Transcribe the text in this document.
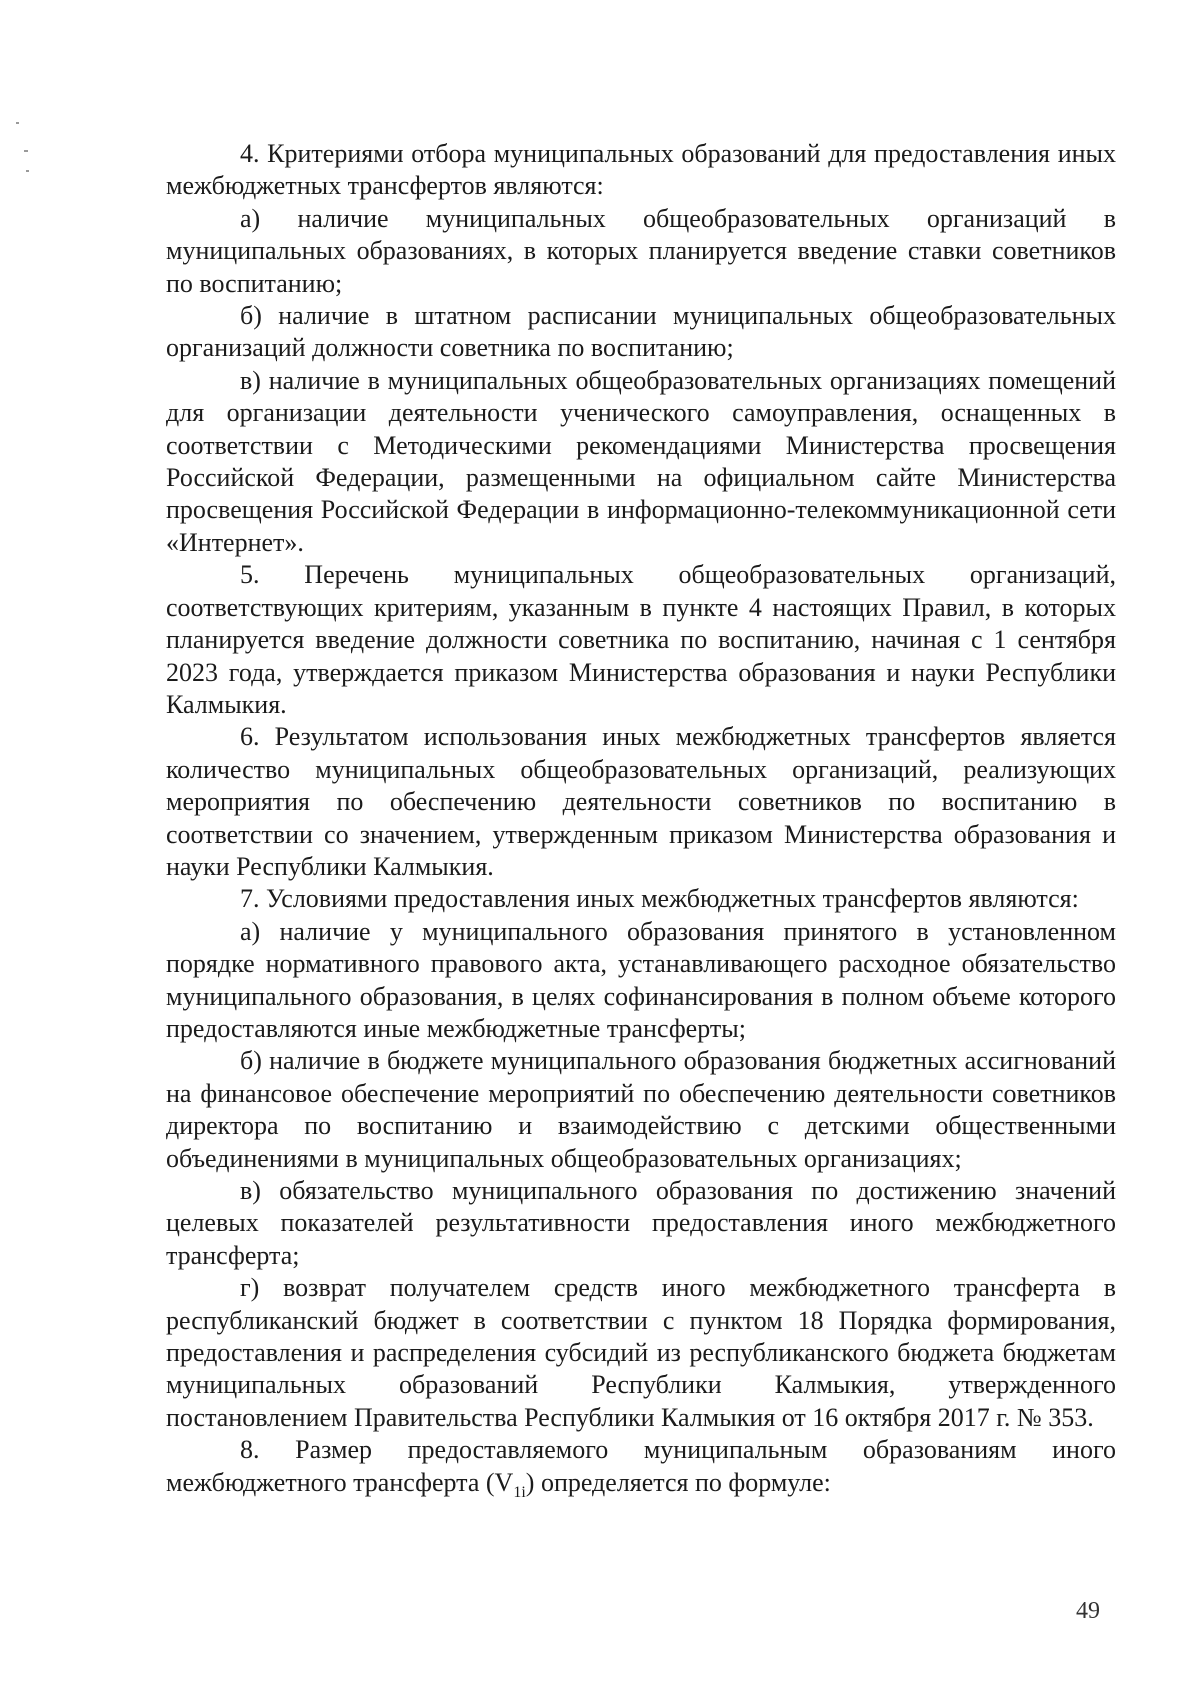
4. Критериями отбора муниципальных образований для предоставления иных межбюджетных трансфертов являются:

а) наличие муниципальных общеобразовательных организаций в муниципальных образованиях, в которых планируется введение ставки советников по воспитанию;

б) наличие в штатном расписании муниципальных общеобразовательных организаций должности советника по воспитанию;

в) наличие в муниципальных общеобразовательных организациях помещений для организации деятельности ученического самоуправления, оснащенных в соответствии с Методическими рекомендациями Министерства просвещения Российской Федерации, размещенными на официальном сайте Министерства просвещения Российской Федерации в информационно-телекоммуникационной сети «Интернет».

5. Перечень муниципальных общеобразовательных организаций, соответствующих критериям, указанным в пункте 4 настоящих Правил, в которых планируется введение должности советника по воспитанию, начиная с 1 сентября 2023 года, утверждается приказом Министерства образования и науки Республики Калмыкия.

6. Результатом использования иных межбюджетных трансфертов является количество муниципальных общеобразовательных организаций, реализующих мероприятия по обеспечению деятельности советников по воспитанию в соответствии со значением, утвержденным приказом Министерства образования и науки Республики Калмыкия.

7. Условиями предоставления иных межбюджетных трансфертов являются:

а) наличие у муниципального образования принятого в установленном порядке нормативного правового акта, устанавливающего расходное обязательство муниципального образования, в целях софинансирования в полном объеме которого предоставляются иные межбюджетные трансферты;

б) наличие в бюджете муниципального образования бюджетных ассигнований на финансовое обеспечение мероприятий по обеспечению деятельности советников директора по воспитанию и взаимодействию с детскими общественными объединениями в муниципальных общеобразовательных организациях;

в) обязательство муниципального образования по достижению значений целевых показателей результативности предоставления иного межбюджетного трансферта;

г) возврат получателем средств иного межбюджетного трансферта в республиканский бюджет в соответствии с пунктом 18 Порядка формирования, предоставления и распределения субсидий из республиканского бюджета бюджетам муниципальных образований Республики Калмыкия, утвержденного постановлением Правительства Республики Калмыкия от 16 октября 2017 г. № 353.

8. Размер предоставляемого муниципальным образованиям иного межбюджетного трансферта $(V_{1i})$ определяется по формуле:

49
